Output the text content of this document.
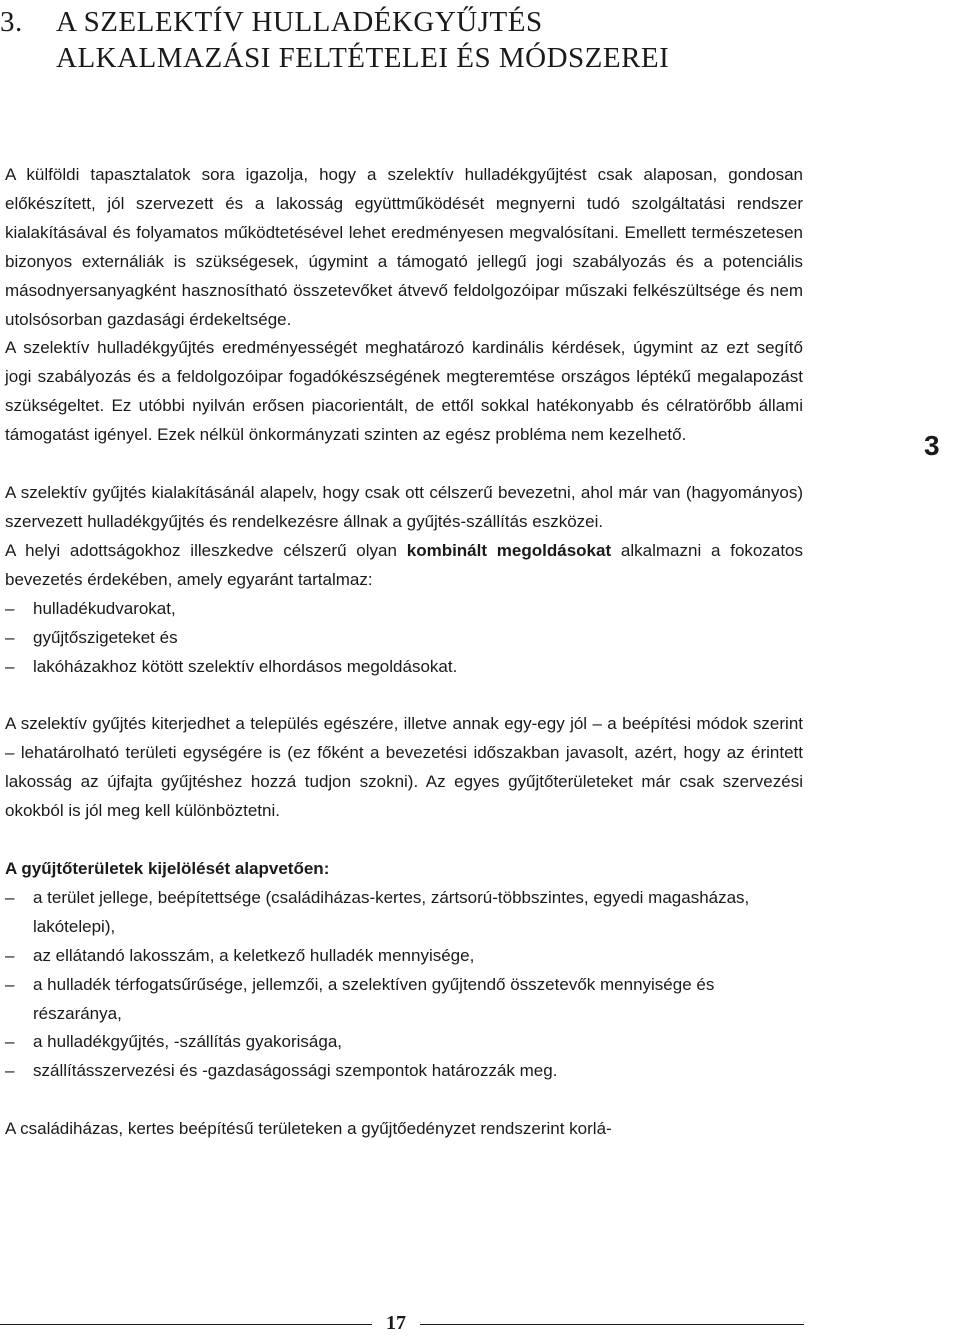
3. A SZELEKTÍV HULLADÉKGYŰJTÉS
ALKALMAZÁSI FELTÉTELEI ÉS MÓDSZEREI
3

A külföldi tapasztalatok sora igazolja, hogy a szelektív hulladékgyűjtést csak alaposan, gondosan előkészített, jól szervezett és a lakosság együttműködését megnyerni tudó szolgáltatási rendszer kialakításával és folyamatos működtetésével lehet eredményesen megvalósítani. Emellett természetesen bizonyos externáliák is szükségesek, úgymint a támogató jellegű jogi szabályozás és a potenciális másodnyersanyagként hasznosítható összetevőket átvevő feldolgozóipar műszaki felkészültsége és nem utolsósorban gazdasági érdekeltsége.

A szelektív hulladékgyűjtés eredményességét meghatározó kardinális kérdések, úgymint az ezt segítő jogi szabályozás és a feldolgozóipar fogadókészségének megteremtése országos léptékű megalapozást szükségeltet. Ez utóbbi nyilván erősen piacorientált, de ettől sokkal hatékonyabb és célratörőbb állami támogatást igényel. Ezek nélkül önkormányzati szinten az egész probléma nem kezelhető.

A szelektív gyűjtés kialakításánál alapelv, hogy csak ott célszerű bevezetni, ahol már van (hagyományos) szervezett hulladékgyűjtés és rendelkezésre állnak a gyűjtés-szállítás eszközei.

A helyi adottságokhoz illeszkedve célszerű olyan kombinált megoldásokat alkalmazni a fokozatos bevezetés érdekében, amely egyaránt tartalmaz:

– hulladékudvarokat,
– gyűjtőszigeteket és
– lakóházakhoz kötött szelektív elhordásos megoldásokat.

A szelektív gyűjtés kiterjedhet a település egészére, illetve annak egy-egy jól – a beépítési módok szerint – lehatárolható területi egységére is (ez főként a bevezetési időszakban javasolt, azért, hogy az érintett lakosság az újfajta gyűjtéshez hozzá tudjon szokni). Az egyes gyűjtőterületeket már csak szervezési okokból is jól meg kell különböztetni.

A gyűjtőterületek kijelölését alapvetően:

– a terület jellege, beépítettsége (családiházas-kertes, zártsorú-többszintes, egyedi magasházas, lakótelepi),
– az ellátandó lakosszám, a keletkező hulladék mennyisége,
– a hulladék térfogatsűrűsége, jellemzői, a szelektíven gyűjtendő összetevők mennyisége és részaránya,
– a hulladékgyűjtés, -szállítás gyakorisága,
– szállításszervezési és -gazdaságossági szempontok határozzák meg.

A családiházas, kertes beépítésű területeken a gyűjtőedényzet rendszerint korlá-

17
